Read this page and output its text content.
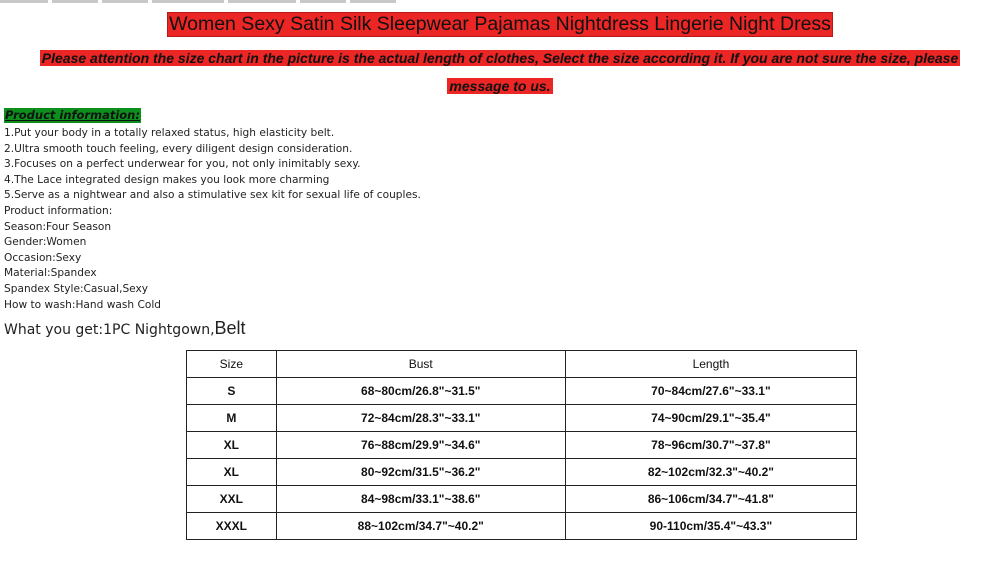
Women Sexy Satin Silk Sleepwear Pajamas Nightdress Lingerie Night Dress
Please attention the size chart in the picture is the actual length of clothes, Select the size according it. If you are not sure the size, please
message to us.
Product information:
1.Put your body in a totally relaxed status, high elasticity belt.
2.Ultra smooth touch feeling, every diligent design consideration.
3.Focuses on a perfect underwear for you, not only inimitably sexy.
4.The Lace integrated design makes you look more charming
5.Serve as a nightwear and also a stimulative sex kit for sexual life of couples.
Product information:
Season:Four Season
Gender:Women
Occasion:Sexy
Material:Spandex
Spandex Style:Casual,Sexy
How to wash:Hand wash Cold
What you get:1PC Nightgown,Belt
Size	Bust	Length
S	68~80cm/26.8"~31.5"	70~84cm/27.6"~33.1"
M	72~84cm/28.3"~33.1"	74~90cm/29.1"~35.4"
XL	76~88cm/29.9"~34.6"	78~96cm/30.7"~37.8"
XL	80~92cm/31.5"~36.2"	82~102cm/32.3"~40.2"
XXL	84~98cm/33.1"~38.6"	86~106cm/34.7"~41.8"
XXXL	88~102cm/34.7"~40.2"	90-110cm/35.4"~43.3"
